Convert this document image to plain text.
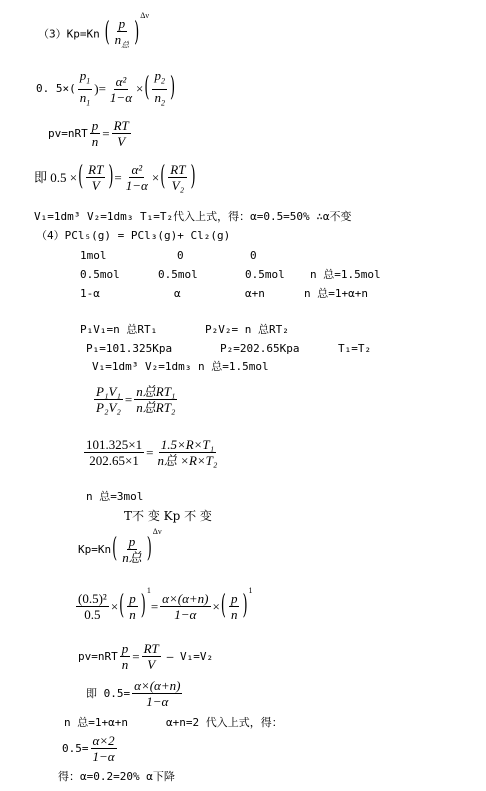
（3）Kp=Kn ( $\frac{p}{n_总}$ )
$^{\Delta\nu}$
0. $5\times( \frac{p_1}{n_1}$ )= $\frac{\text{α²}}{1-\alpha}$ × ( $\frac{p_2}{n_2}$ )
$pv=nRT \frac{p}{n} = \frac{RT}{V}$
即 0.5 × ( $\frac{RT}{V}$ ) = $\frac{\text{α²}}{1-\alpha}$ × ( $\frac{RT}{\text{V₂}}$ )
V₁=1dm³ V₂=1dm₃ T₁=T₂代入上式，得：α=0.5=50% ∴α不变
（4）PCl₅(g) = PCl₃(g)+ Cl₂(g)
1mol	0	0
0.5mol	0.5mol	0.5mol n 总=1.5mol
1-α	α	α+n	n 总=1+α+n
P₁V₁=n 总RT₁	P₂V₂= n 总RT₂
P₁=101.325Kpa	P₂=202.65Kpa	T₁=T₂
V₁=1dm³ V₂=1dm₃ n 总=1.5mol
$\frac{\text{P₁V₁}}{\text{P₂V₂}} = \frac{\text{n总RT₁}}{\text{n总RT₂}}$
$\frac{101.325\times 1}{202.65\times 1} = \frac{\text{1.5×R×T₁}}{\text{n总 ×R×T₂}}$
n 总=3mol
T不 变 Kp 不 变
Kp=Kn ( $\frac{p}{\text{n总}}$ )
$^{\Delta\nu}$
$\frac{\text{(0.5)²}}{0.5}$ × ( $\frac{p}{n} )^1$
= $\frac{\alpha\times(\alpha+n)}{1-\alpha}$ × ( $\frac{p}{n} )^1$
$pv=nRT \frac{p}{n} = \frac{RT}{V} - V_1=V_2$
即 $0.5= \frac{\alpha\times(\alpha+n)}{1-\alpha}$
n 总=1+α+n	α+n=2 代入上式，得：
$0.5= \frac{\alpha\times 2}{1-\alpha}$
得：α=0.2=20% α下降
